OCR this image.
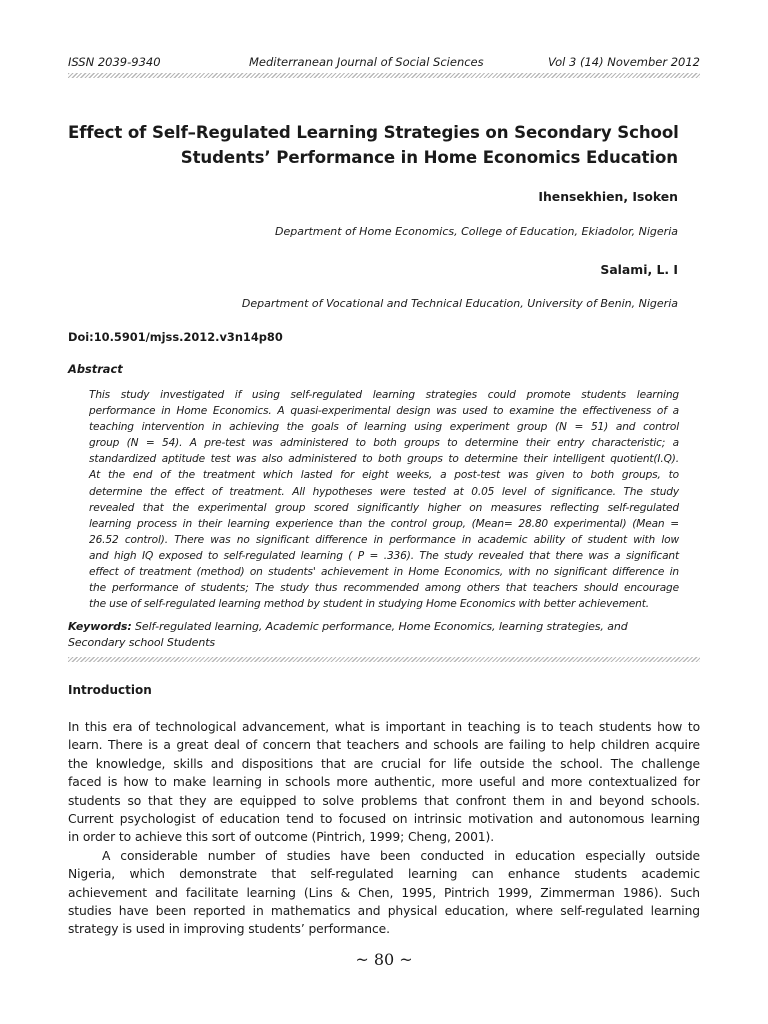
ISSN 2039-9340	Mediterranean Journal of Social Sciences	Vol 3 (14) November 2012
Effect of Self–Regulated Learning Strategies on Secondary School
Students’ Performance in Home Economics Education
Ihensekhien, Isoken
Department of Home Economics, College of Education, Ekiadolor, Nigeria
Salami, L. I
Department of Vocational and Technical Education, University of Benin, Nigeria
Doi:10.5901/mjss.2012.v3n14p80
Abstract
This study investigated if using self-regulated learning strategies could promote students learning
performance in Home Economics. A quasi-experimental design was used to examine the effectiveness of a
teaching intervention in achieving the goals of learning using experiment group (N = 51) and control
group (N = 54). A pre-test was administered to both groups to determine their entry characteristic; a
standardized aptitude test was also administered to both groups to determine their intelligent quotient(I.Q).
At the end of the treatment which lasted for eight weeks, a post-test was given to both groups, to
determine the effect of treatment. All hypotheses were tested at 0.05 level of significance. The study
revealed that the experimental group scored significantly higher on measures reflecting self-regulated
learning process in their learning experience than the control group, (Mean= 28.80 experimental) (Mean =
26.52 control). There was no significant difference in performance in academic ability of student with low
and high IQ exposed to self-regulated learning ( P = .336). The study revealed that there was a significant
effect of treatment (method) on students' achievement in Home Economics, with no significant difference in
the performance of students; The study thus recommended among others that teachers should encourage
the use of self-regulated learning method by student in studying Home Economics with better achievement.
Keywords: Self-regulated learning, Academic performance, Home Economics, learning strategies, and
Secondary school Students
Introduction
In this era of technological advancement, what is important in teaching is to teach students how to
learn. There is a great deal of concern that teachers and schools are failing to help children acquire
the knowledge, skills and dispositions that are crucial for life outside the school. The challenge
faced is how to make learning in schools more authentic, more useful and more contextualized for
students so that they are equipped to solve problems that confront them in and beyond schools.
Current psychologist of education tend to focused on intrinsic motivation and autonomous learning
in order to achieve this sort of outcome (Pintrich, 1999; Cheng, 2001).
A considerable number of studies have been conducted in education especially outside
Nigeria, which demonstrate that self-regulated learning can enhance students academic
achievement and facilitate learning (Lins & Chen, 1995, Pintrich 1999, Zimmerman 1986). Such
studies have been reported in mathematics and physical education, where self-regulated learning
strategy is used in improving students’ performance.
~ 80 ~
